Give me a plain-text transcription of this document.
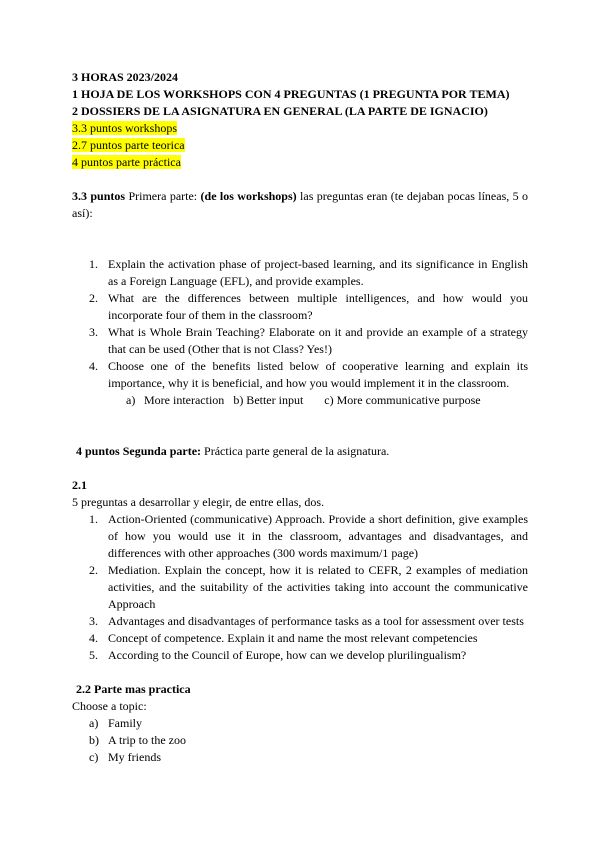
3 HORAS 2023/2024

1 HOJA DE LOS WORKSHOPS CON 4 PREGUNTAS (1 PREGUNTA POR TEMA)

2 DOSSIERS DE LA ASIGNATURA EN GENERAL (LA PARTE DE IGNACIO)

3.3 puntos workshops

2.7 puntos parte teorica

4 puntos parte práctica

3.3 puntos Primera parte: (de los workshops) las preguntas eran (te dejaban pocas líneas, 5 o así):

1. Explain the activation phase of project-based learning, and its significance in English as a Foreign Language (EFL), and provide examples.
2. What are the differences between multiple intelligences, and how would you incorporate four of them in the classroom?
3. What is Whole Brain Teaching? Elaborate on it and provide an example of a strategy that can be used (Other that is not Class? Yes!)
4. Choose one of the benefits listed below of cooperative learning and explain its importance, why it is beneficial, and how you would implement it in the classroom.

a) More interaction b) Better input c) More communicative purpose

4 puntos Segunda parte: Práctica parte general de la asignatura.

2.1

5 preguntas a desarrollar y elegir, de entre ellas, dos.

1. Action-Oriented (communicative) Approach. Provide a short definition, give examples of how you would use it in the classroom, advantages and disadvantages, and differences with other approaches (300 words maximum/1 page)
2. Mediation. Explain the concept, how it is related to CEFR, 2 examples of mediation activities, and the suitability of the activities taking into account the communicative Approach
3. Advantages and disadvantages of performance tasks as a tool for assessment over tests
4. Concept of competence. Explain it and name the most relevant competencies
5. According to the Council of Europe, how can we develop plurilingualism?

2.2 Parte mas practica

Choose a topic:

a) Family
b) A trip to the zoo
c) My friends
